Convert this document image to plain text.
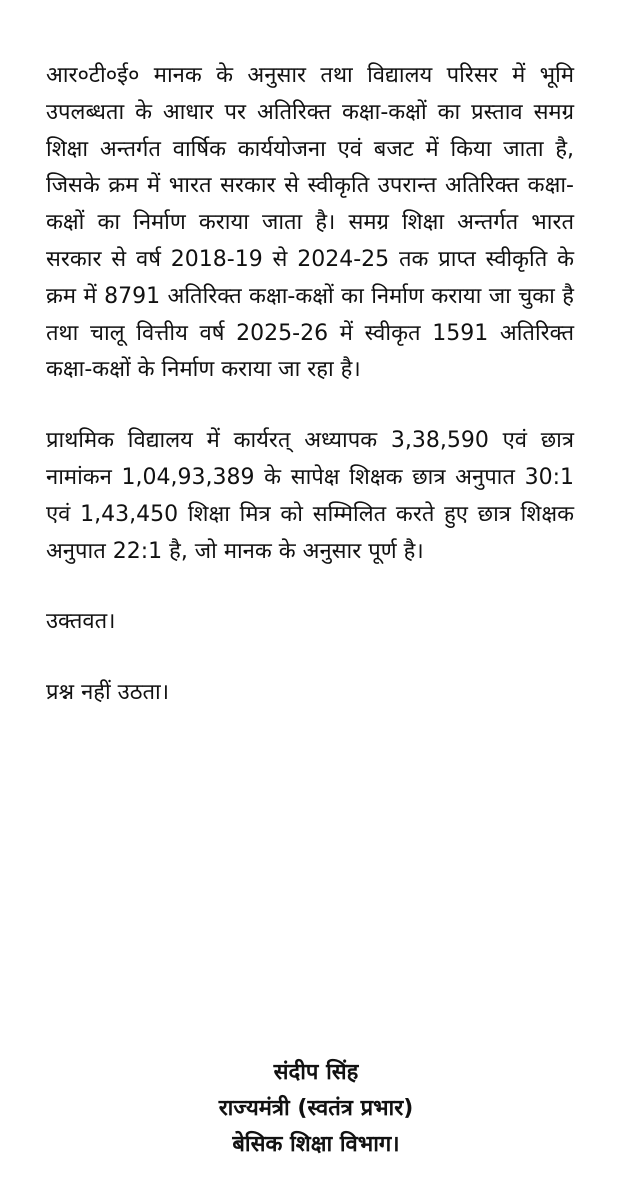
आर०टी०ई० मानक के अनुसार तथा विद्यालय परिसर में भूमि उपलब्धता के आधार पर अतिरिक्त कक्षा-कक्षों का प्रस्ताव समग्र शिक्षा अन्तर्गत वार्षिक कार्ययोजना एवं बजट में किया जाता है, जिसके क्रम में भारत सरकार से स्वीकृति उपरान्त अतिरिक्त कक्षा-कक्षों का निर्माण कराया जाता है। समग्र शिक्षा अन्तर्गत भारत सरकार से वर्ष 2018-19 से 2024-25 तक प्राप्त स्वीकृति के क्रम में 8791 अतिरिक्त कक्षा-कक्षों का निर्माण कराया जा चुका है तथा चालू वित्तीय वर्ष 2025-26 में स्वीकृत 1591 अतिरिक्त कक्षा-कक्षों के निर्माण कराया जा रहा है।

प्राथमिक विद्यालय में कार्यरत् अध्यापक 3,38,590 एवं छात्र नामांकन 1,04,93,389 के सापेक्ष शिक्षक छात्र अनुपात 30:1 एवं 1,43,450 शिक्षा मित्र को सम्मिलित करते हुए छात्र शिक्षक अनुपात 22:1 है, जो मानक के अनुसार पूर्ण है।

उक्तवत।

प्रश्न नहीं उठता।

संदीप सिंह
राज्यमंत्री (स्वतंत्र प्रभार)
बेसिक शिक्षा विभाग।
